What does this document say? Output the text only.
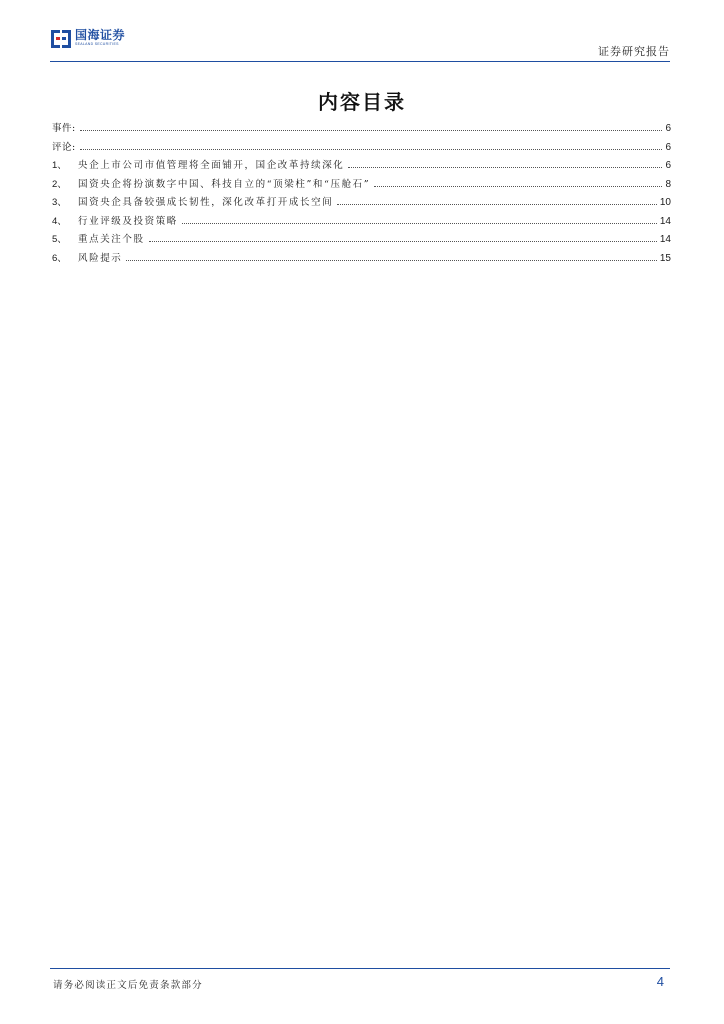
国海证券
SEALAND SECURITIES
证券研究报告
内容目录
事件:	6
评论:	6
1、	央企上市公司市值管理将全面铺开，国企改革持续深化	6
2、	国资央企将扮演数字中国、科技自立的“顶梁柱”和“压舱石”	8
3、	国资央企具备较强成长韧性，深化改革打开成长空间	10
4、	行业评级及投资策略	14
5、	重点关注个股	14
6、	风险提示	15
请务必阅读正文后免责条款部分	4
